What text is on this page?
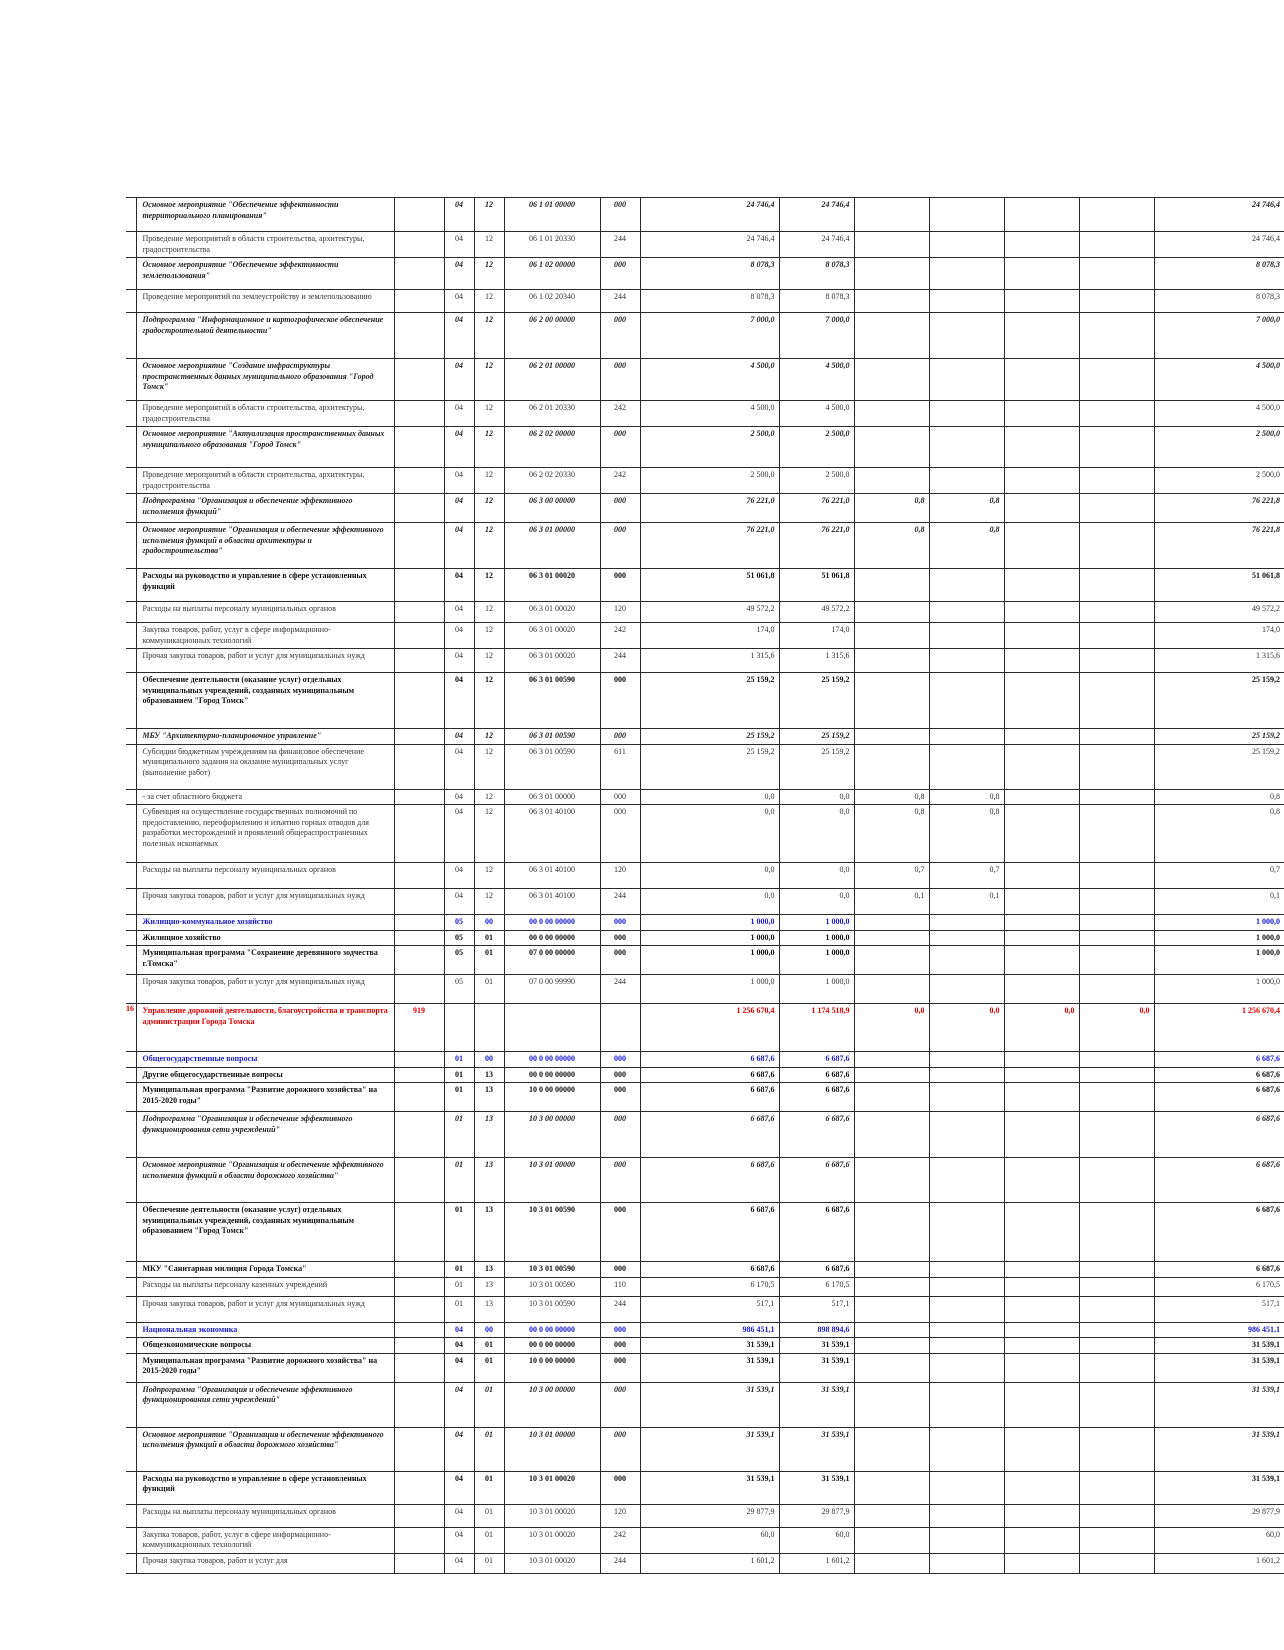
	Основное мероприятие "Обеспечение эффективности территориального планирования"		04	12	06 1 01 00000	000	24 746,4	24 746,4					24 746,4
	Проведение мероприятий в области строительства, архитектуры, градостроительства		04	12	06 1 01 20330	244	24 746,4	24 746,4					24 746,4
	Основное мероприятие "Обеспечение эффективности землепользования"		04	12	06 1 02 00000	000	8 078,3	8 078,3					8 078,3
	Проведение мероприятий по землеустройству и землепользованию		04	12	06 1 02 20340	244	8 078,3	8 078,3					8 078,3
	Подпрограмма "Информационное и картографическое обеспечение градостроительной деятельности"		04	12	06 2 00 00000	000	7 000,0	7 000,0					7 000,0
	Основное мероприятие "Создание инфраструктуры пространственных данных муниципального образования "Город Томск"		04	12	06 2 01 00000	000	4 500,0	4 500,0					4 500,0
	Проведение мероприятий в области строительства, архитектуры, градостроительства		04	12	06 2 01 20330	242	4 500,0	4 500,0					4 500,0
	Основное мероприятие "Актуализация пространственных данных муниципального образования "Город Томск"		04	12	06 2 02 00000	000	2 500,0	2 500,0					2 500,0
	Проведение мероприятий в области строительства, архитектуры, градостроительства		04	12	06 2 02 20330	242	2 500,0	2 500,0					2 500,0
	Подпрограмма "Организация и обеспечение эффективного исполнения функций"		04	12	06 3 00 00000	000	76 221,0	76 221,0	0,8	0,8			76 221,8
	Основное мероприятие "Организация и обеспечение эффективного исполнения функций в области архитектуры и градостроительства"		04	12	06 3 01 00000	000	76 221,0	76 221,0	0,8	0,8			76 221,8
	Расходы на руководство и управление в сфере установленных функций		04	12	06 3 01 00020	000	51 061,8	51 061,8					51 061,8
	Расходы на выплаты персоналу муниципальных органов		04	12	06 3 01 00020	120	49 572,2	49 572,2					49 572,2
	Закупка товаров, работ, услуг в сфере информационно-коммуникационных технологий		04	12	06 3 01 00020	242	174,0	174,0					174,0
	Прочая закупка товаров, работ и услуг для муниципальных нужд		04	12	06 3 01 00020	244	1 315,6	1 315,6					1 315,6
	Обеспечение деятельности (оказание услуг) отдельных муниципальных учреждений, созданных муниципальным образованием "Город Томск"		04	12	06 3 01 00590	000	25 159,2	25 159,2					25 159,2
	МБУ "Архитектурно-планировочное управление"		04	12	06 3 01 00590	000	25 159,2	25 159,2					25 159,2
	Субсидии бюджетным учреждениям на финансовое обеспечение муниципального задания на оказание муниципальных услуг (выполнение работ)		04	12	06 3 01 00590	611	25 159,2	25 159,2					25 159,2
	- за счет областного бюджета		04	12	06 3 01 00000	000	0,0	0,0	0,8	0,8			0,8
	Субвенция на осуществление государственных полномочий по предоставлению, переоформлению и изъятию горных отводов для разработки месторождений и проявлений общераспространенных полезных ископаемых		04	12	06 3 01 40100	000	0,0	0,0	0,8	0,8			0,8
	Расходы на выплаты персоналу муниципальных органов		04	12	06 3 01 40100	120	0,0	0,0	0,7	0,7			0,7
	Прочая закупка товаров, работ и услуг для муниципальных нужд		04	12	06 3 01 40100	244	0,0	0,0	0,1	0,1			0,1
	Жилищно-коммунальное хозяйство		05	00	00 0 00 00000	000	1 000,0	1 000,0					1 000,0
	Жилищное хозяйство		05	01	00 0 00 00000	000	1 000,0	1 000,0					1 000,0
	Муниципальная программа "Сохранение деревянного зодчества г.Томска"		05	01	07 0 00 00000	000	1 000,0	1 000,0					1 000,0
	Прочая закупка товаров, работ и услуг для муниципальных нужд		05	01	07 0 00 99990	244	1 000,0	1 000,0					1 000,0
16	Управление дорожной деятельности, благоустройства и транспорта администрации Города Томска	919					1 256 670,4	1 174 518,9	0,0	0,0	0,0	0,0	1 256 670,4
	Общегосударственные вопросы		01	00	00 0 00 00000	000	6 687,6	6 687,6					6 687,6
	Другие общегосударственные вопросы		01	13	00 0 00 00000	000	6 687,6	6 687,6					6 687,6
	Муниципальная программа "Развитие дорожного хозяйства" на 2015-2020 годы"		01	13	10 0 00 00000	000	6 687,6	6 687,6					6 687,6
	Подпрограмма "Организация и обеспечение эффективного функционирования сети учреждений"		01	13	10 3 00 00000	000	6 687,6	6 687,6					6 687,6
	Основное мероприятие "Организация и обеспечение эффективного исполнения функций в области дорожного хозяйства"		01	13	10 3 01 00000	000	6 687,6	6 687,6					6 687,6
	Обеспечение деятельности (оказание услуг) отдельных муниципальных учреждений, созданных муниципальным образованием "Город Томск"		01	13	10 3 01 00590	000	6 687,6	6 687,6					6 687,6
	МКУ "Санитарная милиция Города Томска"		01	13	10 3 01 00590	000	6 687,6	6 687,6					6 687,6
	Расходы на выплаты персоналу казенных учреждений		01	13	10 3 01 00590	110	6 170,5	6 170,5					6 170,5
	Прочая закупка товаров, работ и услуг для муниципальных нужд		01	13	10 3 01 00590	244	517,1	517,1					517,1
	Национальная экономика		04	00	00 0 00 00000	000	986 451,1	898 894,6					986 451,1
	Общеэкономические вопросы		04	01	00 0 00 00000	000	31 539,1	31 539,1					31 539,1
	Муниципальная программа "Развитие дорожного хозяйства" на 2015-2020 годы"		04	01	10 0 00 00000	000	31 539,1	31 539,1					31 539,1
	Подпрограмма "Организация и обеспечение эффективного функционирования сети учреждений"		04	01	10 3 00 00000	000	31 539,1	31 539,1					31 539,1
	Основное мероприятие "Организация и обеспечение эффективного исполнения функций в области дорожного хозяйства"		04	01	10 3 01 00000	000	31 539,1	31 539,1					31 539,1
	Расходы на руководство и управление в сфере установленных функций		04	01	10 3 01 00020	000	31 539,1	31 539,1					31 539,1
	Расходы на выплаты персоналу муниципальных органов		04	01	10 3 01 00020	120	29 877,9	29 877,9					29 877,9
	Закупка товаров, работ, услуг в сфере информационно-коммуникационных технологий		04	01	10 3 01 00020	242	60,0	60,0					60,0
	Прочая закупка товаров, работ и услуг для		04	01	10 3 01 00020	244	1 601,2	1 601,2					1 601,2
